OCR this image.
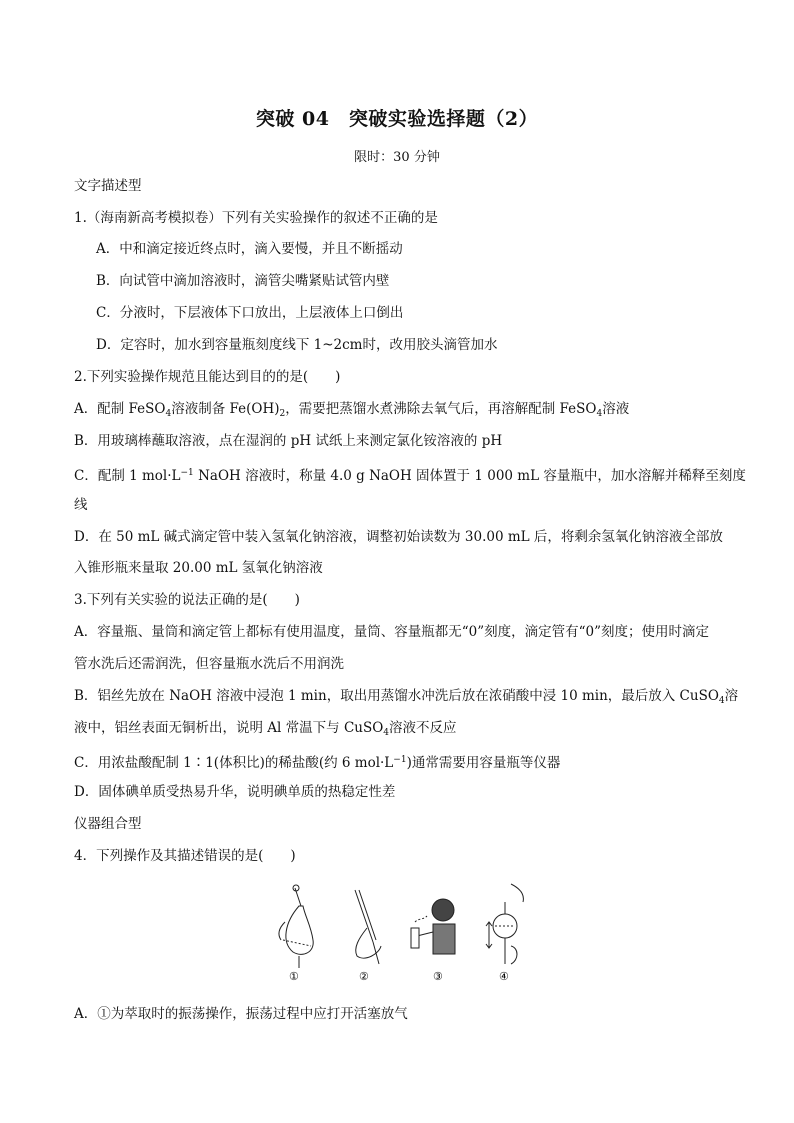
突破 04　突破实验选择题（2）
限时：30 分钟
文字描述型
1.（海南新高考模拟卷）下列有关实验操作的叙述不正确的是
A．中和滴定接近终点时，滴入要慢，并且不断摇动
B．向试管中滴加溶液时，滴管尖嘴紧贴试管内壁
C．分液时，下层液体下口放出，上层液体上口倒出
D．定容时，加水到容量瓶刻度线下 1~2cm时，改用胶头滴管加水
2.下列实验操作规范且能达到目的的是(　　)
A．配制 FeSO$_4$溶液制备 $Fe(OH)_2$，需要把蒸馏水煮沸除去氧气后，再溶解配制 FeSO$_4$溶液
B．用玻璃棒蘸取溶液，点在湿润的 pH 试纸上来测定氯化铵溶液的 pH
C．配制 1 $mol\cdot L^{-1}$ NaOH 溶液时，称量 4.0 g NaOH 固体置于 1 000 mL 容量瓶中，加水溶解并稀释至刻度
线
D．在 50 mL 碱式滴定管中装入氢氧化钠溶液，调整初始读数为 30.00 mL 后，将剩余氢氧化钠溶液全部放
入锥形瓶来量取 20.00 mL 氢氧化钠溶液
3.下列有关实验的说法正确的是(　　)
A．容量瓶、量筒和滴定管上都标有使用温度，量筒、容量瓶都无“0”刻度，滴定管有“0”刻度；使用时滴定
管水洗后还需润洗，但容量瓶水洗后不用润洗
B．铝丝先放在 NaOH 溶液中浸泡 1 min，取出用蒸馏水冲洗后放在浓硝酸中浸 10 min，最后放入 CuSO$_4$溶
液中，铝丝表面无铜析出，说明 Al 常温下与 CuSO$_4$溶液不反应
C．用浓盐酸配制 1∶1(体积比)的稀盐酸(约 6 $mol\cdot L^{-1}$)通常需要用容量瓶等仪器
D．固体碘单质受热易升华，说明碘单质的热稳定性差
仪器组合型
4．下列操作及其描述错误的是(　　)
①	②	③	④
A．①为萃取时的振荡操作，振荡过程中应打开活塞放气
